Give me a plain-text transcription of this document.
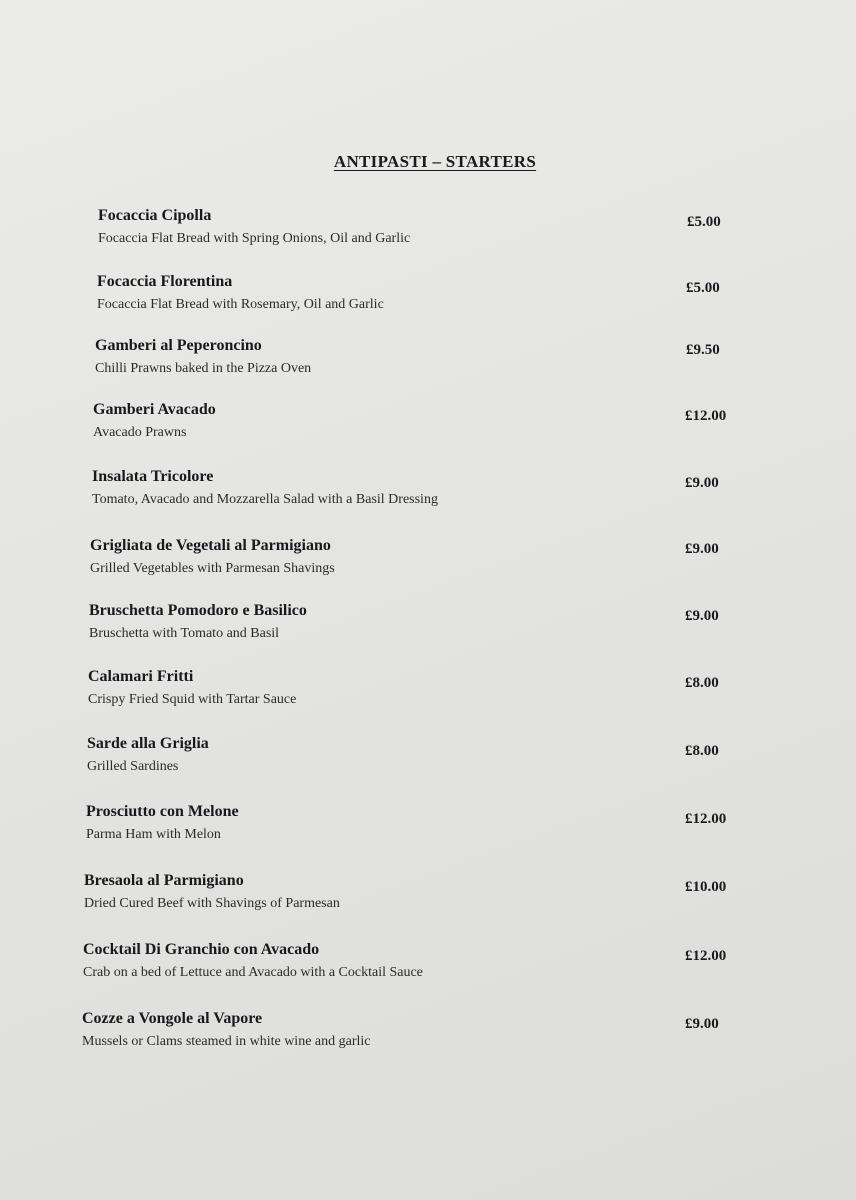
ANTIPASTI – STARTERS
Focaccia Cipolla
Focaccia Flat Bread with Spring Onions, Oil and Garlic
£5.00
Focaccia Florentina
Focaccia Flat Bread with Rosemary, Oil and Garlic
£5.00
Gamberi al Peperoncino
Chilli Prawns baked in the Pizza Oven
£9.50
Gamberi Avacado
Avacado Prawns
£12.00
Insalata Tricolore
Tomato, Avacado and Mozzarella Salad with a Basil Dressing
£9.00
Grigliata de Vegetali al Parmigiano
Grilled Vegetables with Parmesan Shavings
£9.00
Bruschetta Pomodoro e Basilico
Bruschetta with Tomato and Basil
£9.00
Calamari Fritti
Crispy Fried Squid with Tartar Sauce
£8.00
Sarde alla Griglia
Grilled Sardines
£8.00
Prosciutto con Melone
Parma Ham with Melon
£12.00
Bresaola al Parmigiano
Dried Cured Beef with Shavings of Parmesan
£10.00
Cocktail Di Granchio con Avacado
Crab on a bed of Lettuce and Avacado with a Cocktail Sauce
£12.00
Cozze a Vongole al Vapore
Mussels or Clams steamed in white wine and garlic
£9.00
